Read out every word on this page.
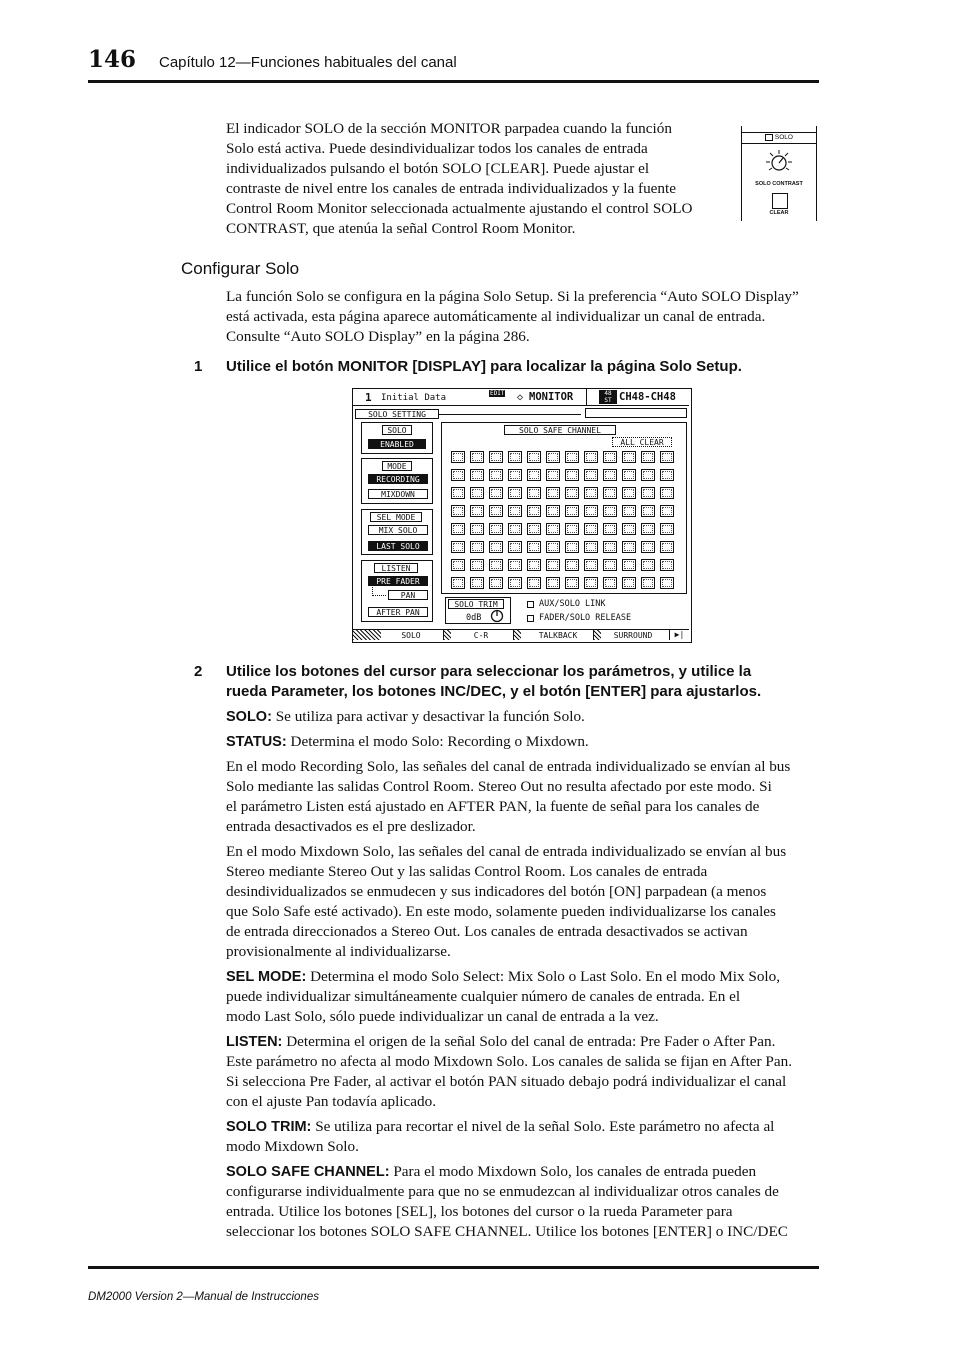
146 Capítulo 12—Funciones habituales del canal
El indicador SOLO de la sección MONITOR parpadea cuando la función
Solo está activa. Puede desindividualizar todos los canales de entrada
individualizados pulsando el botón SOLO [CLEAR]. Puede ajustar el
contraste de nivel entre los canales de entrada individualizados y la fuente
Control Room Monitor seleccionada actualmente ajustando el control SOLO
CONTRAST, que atenúa la señal Control Room Monitor.
SOLO
SOLO CONTRAST
CLEAR
Configurar Solo
La función Solo se configura en la página Solo Setup. Si la preferencia “Auto SOLO Display”
está activada, esta página aparece automáticamente al individualizar un canal de entrada.
Consulte “Auto SOLO Display” en la página 286.
1 Utilice el botón MONITOR [DISPLAY] para localizar la página Solo Setup.
1 Initial Data	EDIT ◇ MONITOR	48
ST CH48-CH48
SOLO SETTING
SOLO
ENABLED
MODE
RECORDING
MIXDOWN
SEL MODE
MIX SOLO
LAST SOLO
LISTEN
PRE FADER
PAN
AFTER PAN
SOLO SAFE CHANNEL
ALL CLEAR
SOLO TRIM
0dB
AUX/SOLO LINK
FADER/SOLO RELEASE
SOLO	C-R	TALKBACK	SURROUND	▶|
2 Utilice los botones del cursor para seleccionar los parámetros, y utilice la
rueda Parameter, los botones INC/DEC, y el botón [ENTER] para ajustarlos.
SOLO: Se utiliza para activar y desactivar la función Solo.
STATUS: Determina el modo Solo: Recording o Mixdown.
En el modo Recording Solo, las señales del canal de entrada individualizado se envían al bus
Solo mediante las salidas Control Room. Stereo Out no resulta afectado por este modo. Si
el parámetro Listen está ajustado en AFTER PAN, la fuente de señal para los canales de
entrada desactivados es el pre deslizador.
En el modo Mixdown Solo, las señales del canal de entrada individualizado se envían al bus
Stereo mediante Stereo Out y las salidas Control Room. Los canales de entrada
desindividualizados se enmudecen y sus indicadores del botón [ON] parpadean (a menos
que Solo Safe esté activado). En este modo, solamente pueden individualizarse los canales
de entrada direccionados a Stereo Out. Los canales de entrada desactivados se activan
provisionalmente al individualizarse.
SEL MODE: Determina el modo Solo Select: Mix Solo o Last Solo. En el modo Mix Solo,
puede individualizar simultáneamente cualquier número de canales de entrada. En el
modo Last Solo, sólo puede individualizar un canal de entrada a la vez.
LISTEN: Determina el origen de la señal Solo del canal de entrada: Pre Fader o After Pan.
Este parámetro no afecta al modo Mixdown Solo. Los canales de salida se fijan en After Pan.
Si selecciona Pre Fader, al activar el botón PAN situado debajo podrá individualizar el canal
con el ajuste Pan todavía aplicado.
SOLO TRIM: Se utiliza para recortar el nivel de la señal Solo. Este parámetro no afecta al
modo Mixdown Solo.
SOLO SAFE CHANNEL: Para el modo Mixdown Solo, los canales de entrada pueden
configurarse individualmente para que no se enmudezcan al individualizar otros canales de
entrada. Utilice los botones [SEL], los botones del cursor o la rueda Parameter para
seleccionar los botones SOLO SAFE CHANNEL. Utilice los botones [ENTER] o INC/DEC
DM2000 Version 2—Manual de Instrucciones
